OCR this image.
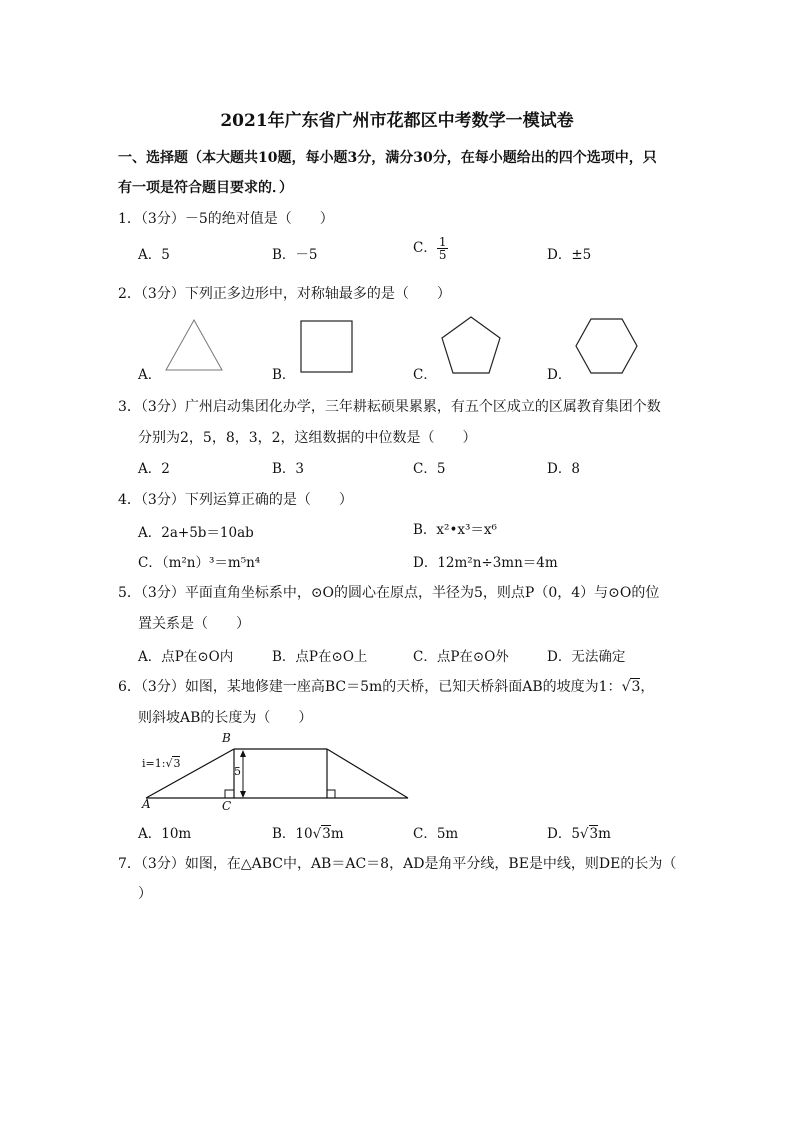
2021年广东省广州市花都区中考数学一模试卷
一、选择题（本大题共10题，每小题3分，满分30分，在每小题给出的四个选项中，只
有一项是符合题目要求的．）
1．（3分）－5的绝对值是（　　）
A．5	B．－5	C． $\frac{1}{5}$	D．±5
2．（3分）下列正多边形中，对称轴最多的是（　　）
A．	B．	C．	D．
3．（3分）广州启动集团化办学，三年耕耘硕果累累，有五个区成立的区属教育集团个数
分别为2，5，8，3，2，这组数据的中位数是（　　）
A．2	B．3	C．5	D．8
4．（3分）下列运算正确的是（　　）
A．2a+5b＝10ab	B．x²•x³＝x⁶
C．（m²n）³＝m⁵n⁴	D．12m²n÷3mn＝4m
5．（3分）平面直角坐标系中，⊙O的圆心在原点，半径为5，则点P（0，4）与⊙O的位
置关系是（　　）
A．点P在⊙O内	B．点P在⊙O上	C．点P在⊙O外	D．无法确定
6．（3分）如图，某地修建一座高BC＝5m的天桥，已知天桥斜面AB的坡度为1：√3，
则斜坡AB的长度为（　　）
B
A	C
5
i=1:√3
A．10m	B．10√3m	C．5m	D．5√3m
7．（3分）如图，在△ABC中，AB＝AC＝8，AD是角平分线，BE是中线，则DE的长为（
）
